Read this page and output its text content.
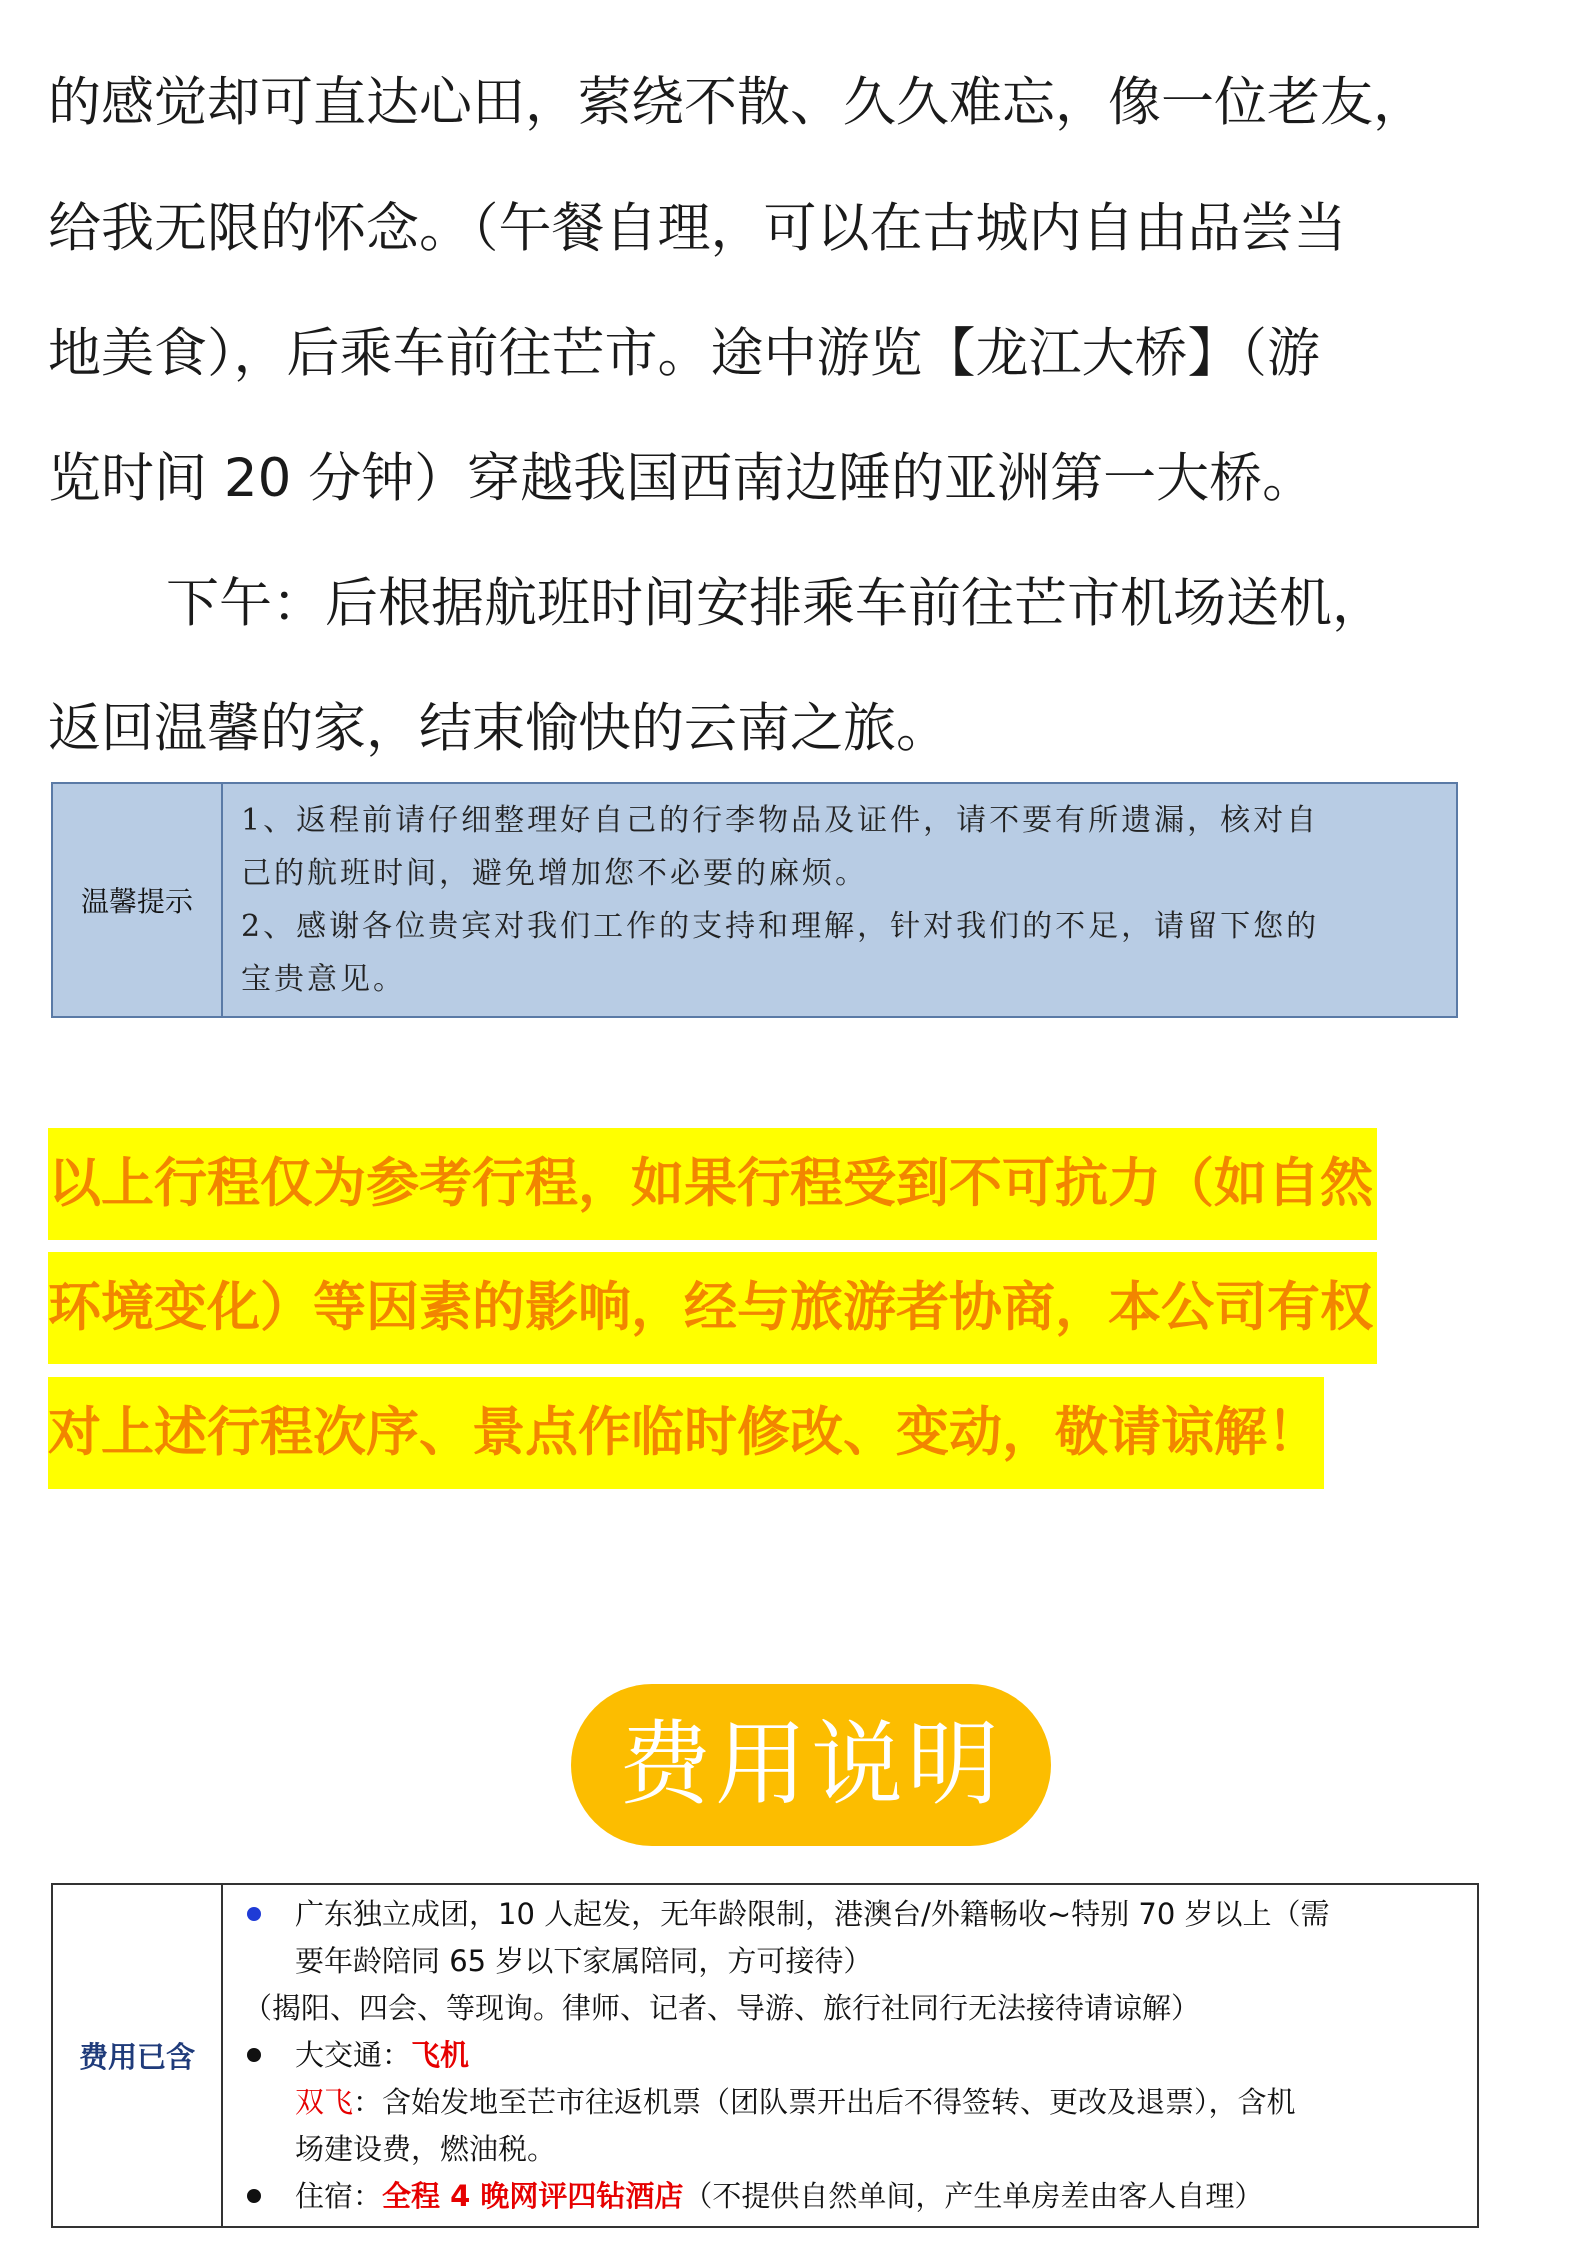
的感觉却可直达心田，萦绕不散、久久难忘，像一位老友，
给我无限的怀念。（午餐自理，可以在古城内自由品尝当
地美食），后乘车前往芒市。途中游览【龙江大桥】（游
览时间 20 分钟）穿越我国西南边陲的亚洲第一大桥。
下午：后根据航班时间安排乘车前往芒市机场送机，
返回温馨的家，结束愉快的云南之旅。
温馨提示	
1、返程前请仔细整理好自己的行李物品及证件，请不要有所遗漏，核对自
己的航班时间，避免增加您不必要的麻烦。
2、感谢各位贵宾对我们工作的支持和理解，针对我们的不足，请留下您的
宝贵意见。
以上行程仅为参考行程，如果行程受到不可抗力（如自然
环境变化）等因素的影响，经与旅游者协商，本公司有权
对上述行程次序、景点作临时修改、变动，敬请谅解！
费用说明
费用已含	
广东独立成团，10 人起发，无年龄限制，港澳台/外籍畅收~特别 70 岁以上（需
要年龄陪同 65 岁以下家属陪同，方可接待）
（揭阳、四会、等现询。律师、记者、导游、旅行社同行无法接待请谅解）
大交通：飞机
双飞：含始发地至芒市往返机票（团队票开出后不得签转、更改及退票），含机
场建设费，燃油税。
住宿：全程 4 晚网评四钻酒店（不提供自然单间，产生单房差由客人自理）
